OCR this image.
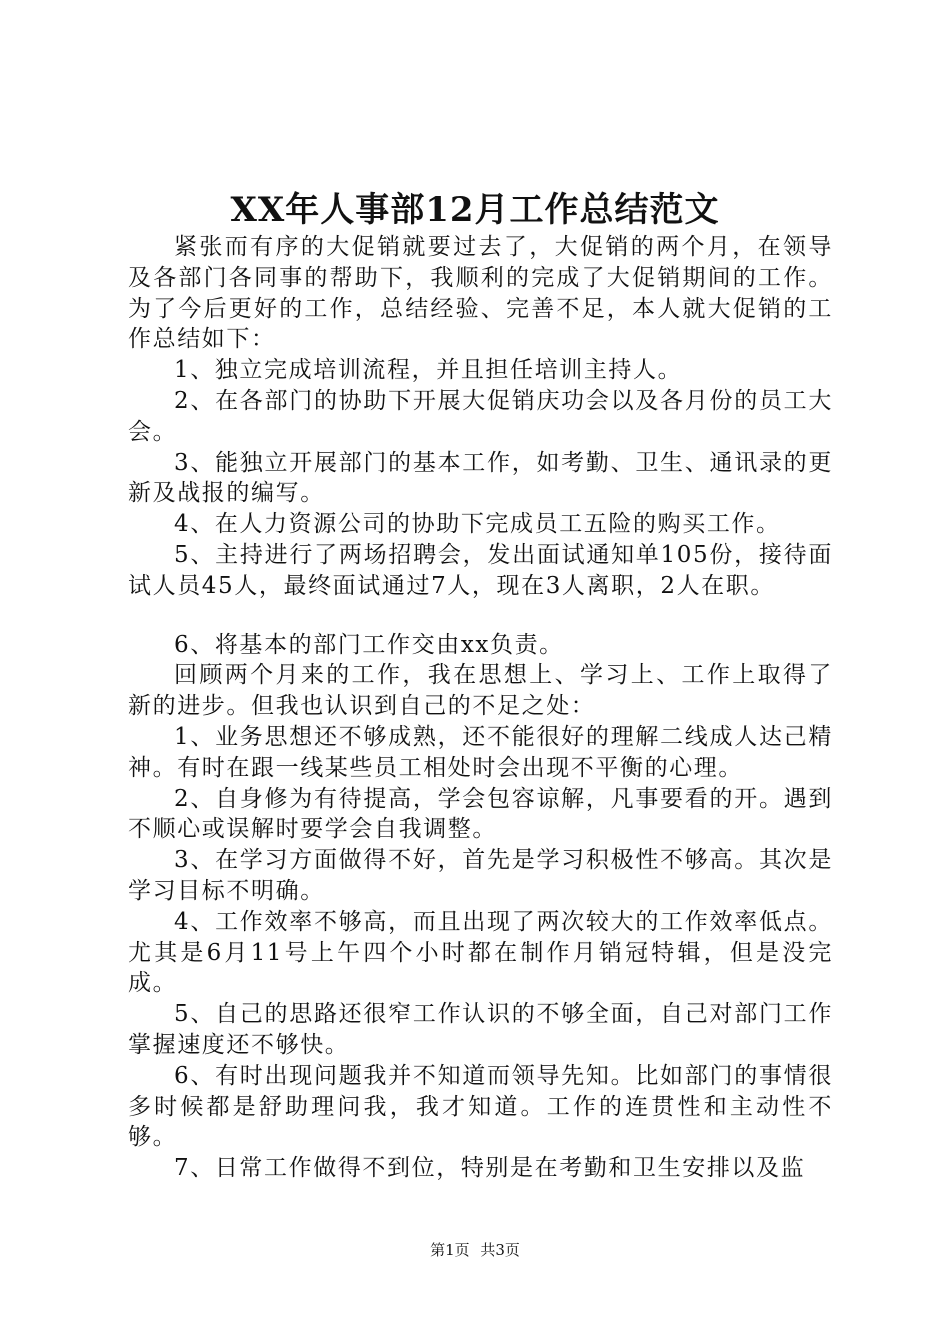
XX年人事部12月工作总结范文

紧张而有序的大促销就要过去了，大促销的两个月，在领导及各部门各同事的帮助下，我顺利的完成了大促销期间的工作。为了今后更好的工作，总结经验、完善不足，本人就大促销的工作总结如下：

1、独立完成培训流程，并且担任培训主持人。

2、在各部门的协助下开展大促销庆功会以及各月份的员工大会。

3、能独立开展部门的基本工作，如考勤、卫生、通讯录的更新及战报的编写。

4、在人力资源公司的协助下完成员工五险的购买工作。

5、主持进行了两场招聘会，发出面试通知单105份，接待面试人员45人，最终面试通过7人，现在3人离职，2人在职。

6、将基本的部门工作交由xx负责。

回顾两个月来的工作，我在思想上、学习上、工作上取得了新的进步。但我也认识到自己的不足之处：

1、业务思想还不够成熟，还不能很好的理解二线成人达己精神。有时在跟一线某些员工相处时会出现不平衡的心理。

2、自身修为有待提高，学会包容谅解，凡事要看的开。遇到不顺心或误解时要学会自我调整。

3、在学习方面做得不好，首先是学习积极性不够高。其次是学习目标不明确。

4、工作效率不够高，而且出现了两次较大的工作效率低点。尤其是6月11号上午四个小时都在制作月销冠特辑，但是没完成。

5、自己的思路还很窄工作认识的不够全面，自己对部门工作掌握速度还不够快。

6、有时出现问题我并不知道而领导先知。比如部门的事情很多时候都是舒助理问我，我才知道。工作的连贯性和主动性不够。

7、日常工作做得不到位，特别是在考勤和卫生安排以及监

第1页 共3页
